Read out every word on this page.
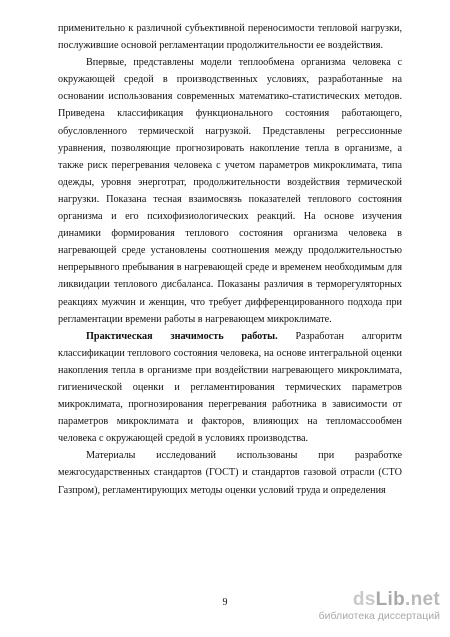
применительно к различной субъективной переносимости тепловой нагрузки, послужившие основой регламентации продолжительности ее воздействия.

Впервые, представлены модели теплообмена организма человека с окружающей средой в производственных условиях, разработанные на основании использования современных математико-статистических методов. Приведена классификация функционального состояния работающего, обусловленного термической нагрузкой. Представлены регрессионные уравнения, позволяющие прогнозировать накопление тепла в организме, а также риск перегревания человека с учетом параметров микроклимата, типа одежды, уровня энерготрат, продолжительности воздействия термической нагрузки. Показана тесная взаимосвязь показателей теплового состояния организма и его психофизиологических реакций. На основе изучения динамики формирования теплового состояния организма человека в нагревающей среде установлены соотношения между продолжительностью непрерывного пребывания в нагревающей среде и временем необходимым для ликвидации теплового дисбаланса. Показаны различия в терморегуляторных реакциях мужчин и женщин, что требует дифференцированного подхода при регламентации времени работы в нагревающем микроклимате.

Практическая значимость работы. Разработан алгоритм классификации теплового состояния человека, на основе интегральной оценки накопления тепла в организме при воздействии нагревающего микроклимата, гигиенической оценки и регламентирования термических параметров микроклимата, прогнозирования перегревания работника в зависимости от параметров микроклимата и факторов, влияющих на тепломассообмен человека с окружающей средой в условиях производства.

Материалы исследований использованы при разработке межгосударственных стандартов (ГОСТ) и стандартов газовой отрасли (СТО Газпром), регламентирующих методы оценки условий труда и определения

9	dsLib.net
библиотека диссертаций
